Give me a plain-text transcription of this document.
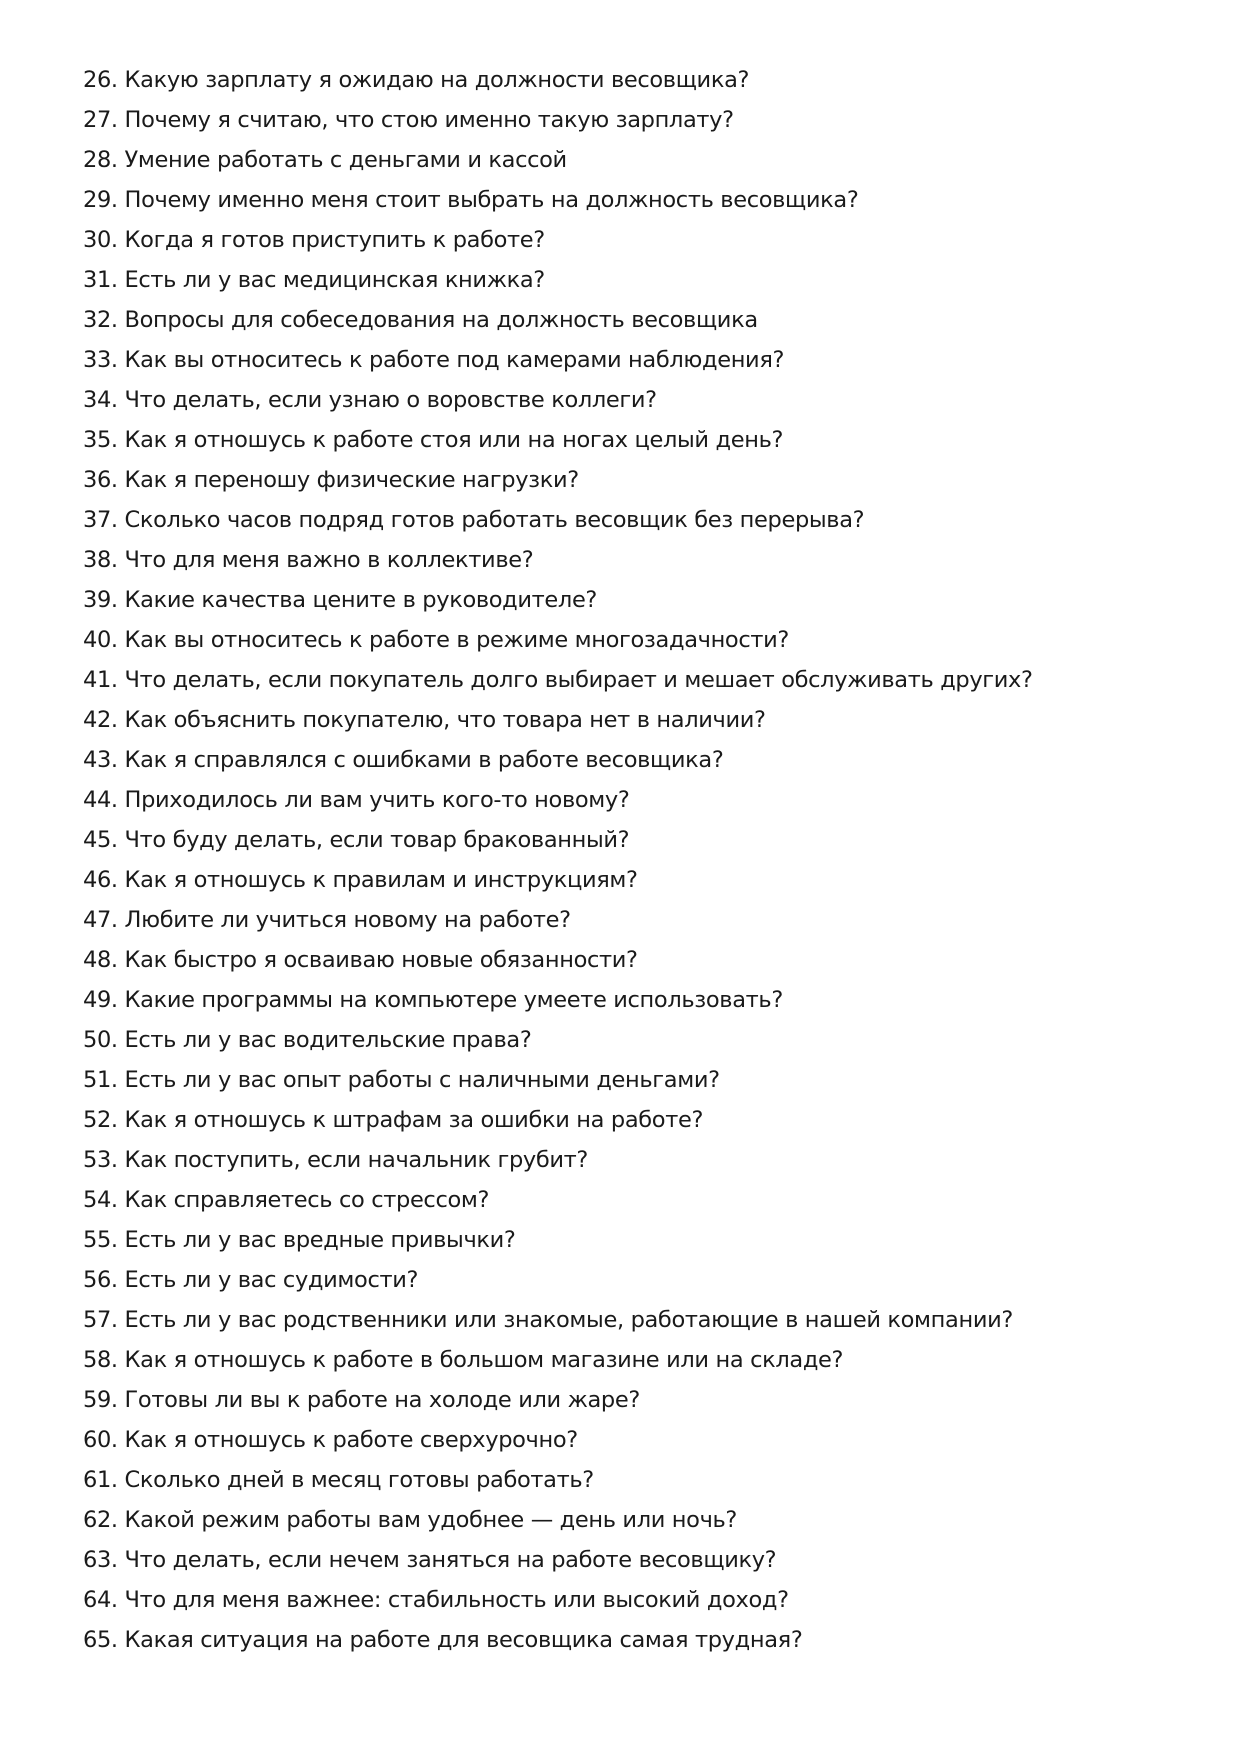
26. Какую зарплату я ожидаю на должности весовщика?
27. Почему я считаю, что стою именно такую зарплату?
28. Умение работать с деньгами и кассой
29. Почему именно меня стоит выбрать на должность весовщика?
30. Когда я готов приступить к работе?
31. Есть ли у вас медицинская книжка?
32. Вопросы для собеседования на должность весовщика
33. Как вы относитесь к работе под камерами наблюдения?
34. Что делать, если узнаю о воровстве коллеги?
35. Как я отношусь к работе стоя или на ногах целый день?
36. Как я переношу физические нагрузки?
37. Сколько часов подряд готов работать весовщик без перерыва?
38. Что для меня важно в коллективе?
39. Какие качества цените в руководителе?
40. Как вы относитесь к работе в режиме многозадачности?
41. Что делать, если покупатель долго выбирает и мешает обслуживать других?
42. Как объяснить покупателю, что товара нет в наличии?
43. Как я справлялся с ошибками в работе весовщика?
44. Приходилось ли вам учить кого-то новому?
45. Что буду делать, если товар бракованный?
46. Как я отношусь к правилам и инструкциям?
47. Любите ли учиться новому на работе?
48. Как быстро я осваиваю новые обязанности?
49. Какие программы на компьютере умеете использовать?
50. Есть ли у вас водительские права?
51. Есть ли у вас опыт работы с наличными деньгами?
52. Как я отношусь к штрафам за ошибки на работе?
53. Как поступить, если начальник грубит?
54. Как справляетесь со стрессом?
55. Есть ли у вас вредные привычки?
56. Есть ли у вас судимости?
57. Есть ли у вас родственники или знакомые, работающие в нашей компании?
58. Как я отношусь к работе в большом магазине или на складе?
59. Готовы ли вы к работе на холоде или жаре?
60. Как я отношусь к работе сверхурочно?
61. Сколько дней в месяц готовы работать?
62. Какой режим работы вам удобнее — день или ночь?
63. Что делать, если нечем заняться на работе весовщику?
64. Что для меня важнее: стабильность или высокий доход?
65. Какая ситуация на работе для весовщика самая трудная?
